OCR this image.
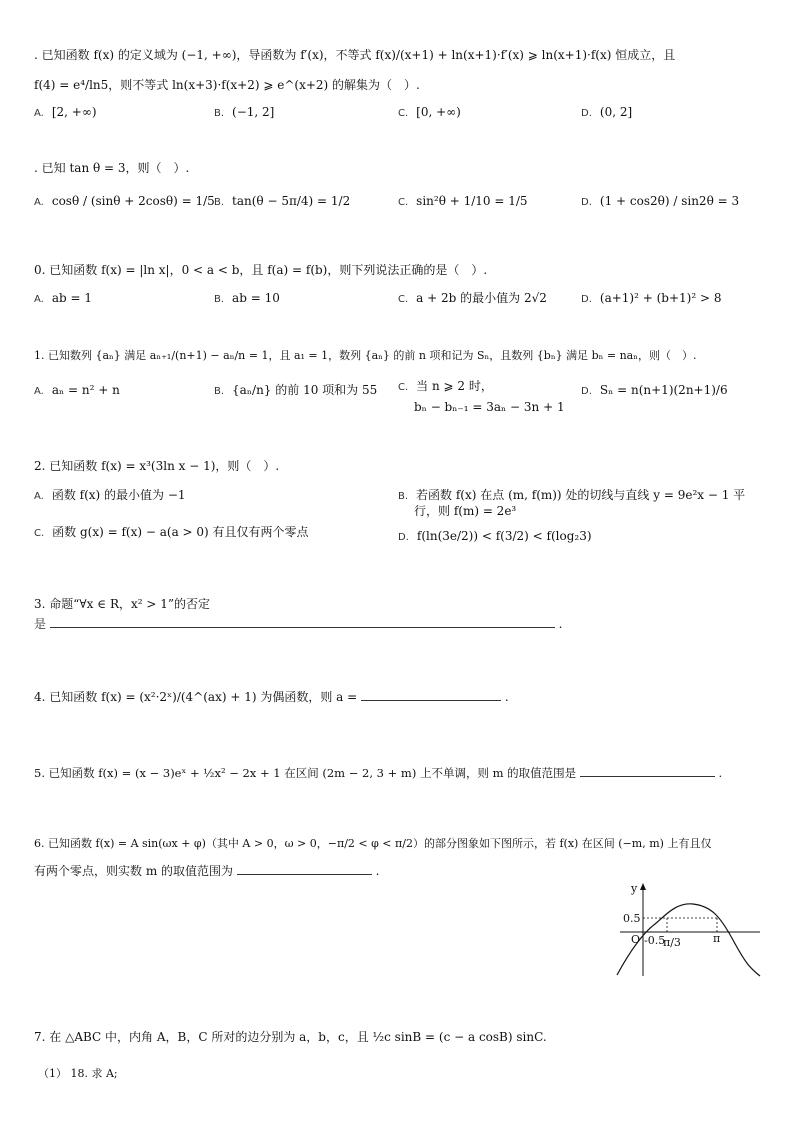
. 已知函数 f(x) 的定义域为 (−1, +∞)，导函数为 f′(x)，不等式 f(x)/(x+1) + ln(x+1)·f′(x) ⩾ ln(x+1)·f(x) 恒成立，且
f(4) = e⁴/ln5，则不等式 ln(x+3)·f(x+2) ⩾ e^(x+2) 的解集为（　）.
A. [2, +∞)	B. (−1, 2]	C. [0, +∞)	D. (0, 2]
. 已知 tan θ = 3，则（　）.
A. cosθ / (sinθ + 2cosθ) = 1/5 B. tan(θ − 5π/4) = 1/2	C. sin²θ + 1/10 = 1/5	D. (1 + cos2θ) / sin2θ = 3
0. 已知函数 f(x) = |ln x|，0 < a < b，且 f(a) = f(b)，则下列说法正确的是（　）.
A. ab = 1	B. ab = 10	C. a + 2b 的最小值为 2√2	D. (a+1)² + (b+1)² > 8
1. 已知数列 {aₙ} 满足 aₙ₊₁/(n+1) − aₙ/n = 1，且 a₁ = 1，数列 {aₙ} 的前 n 项和记为 Sₙ，且数列 {bₙ} 满足 bₙ = naₙ，则（　）.
A. aₙ = n² + n	B. {aₙ/n} 的前 10 项和为 55 C. 当 n ⩾ 2 时，
bₙ − bₙ₋₁ = 3aₙ − 3n + 1
D. Sₙ = n(n+1)(2n+1)/6
2. 已知函数 f(x) = x³(3ln x − 1)，则（　）.
A. 函数 f(x) 的最小值为 −1	B. 若函数 f(x) 在点 (m, f(m)) 处的切线与直线 y = 9e²x − 1 平
行，则 f(m) = 2e³
C. 函数 g(x) = f(x) − a(a > 0) 有且仅有两个零点	D. f(ln(3e/2)) < f(3/2) < f(log₂3)
3. 命题“∀x ∈ R，x² > 1”的否定
是	.
4. 已知函数 f(x) = (x²·2ˣ)/(4^(ax) + 1) 为偶函数，则 a =	.
5. 已知函数 f(x) = (x − 3)eˣ + ½x² − 2x + 1 在区间 (2m − 2, 3 + m) 上不单调，则 m 的取值范围是	.
6. 已知函数 f(x) = A sin(ωx + φ)（其中 A > 0，ω > 0，−π/2 < φ < π/2）的部分图象如下图所示，若 f(x) 在区间 (−m, m) 上有且仅
有两个零点，则实数 m 的取值范围为	.
y
0.5
O -0.5
π/3	π
7. 在 △ABC 中，内角 A，B，C 所对的边分别为 a，b，c，且 ½c sinB = (c − a cosB) sinC.
（1） 18. 求 A;
